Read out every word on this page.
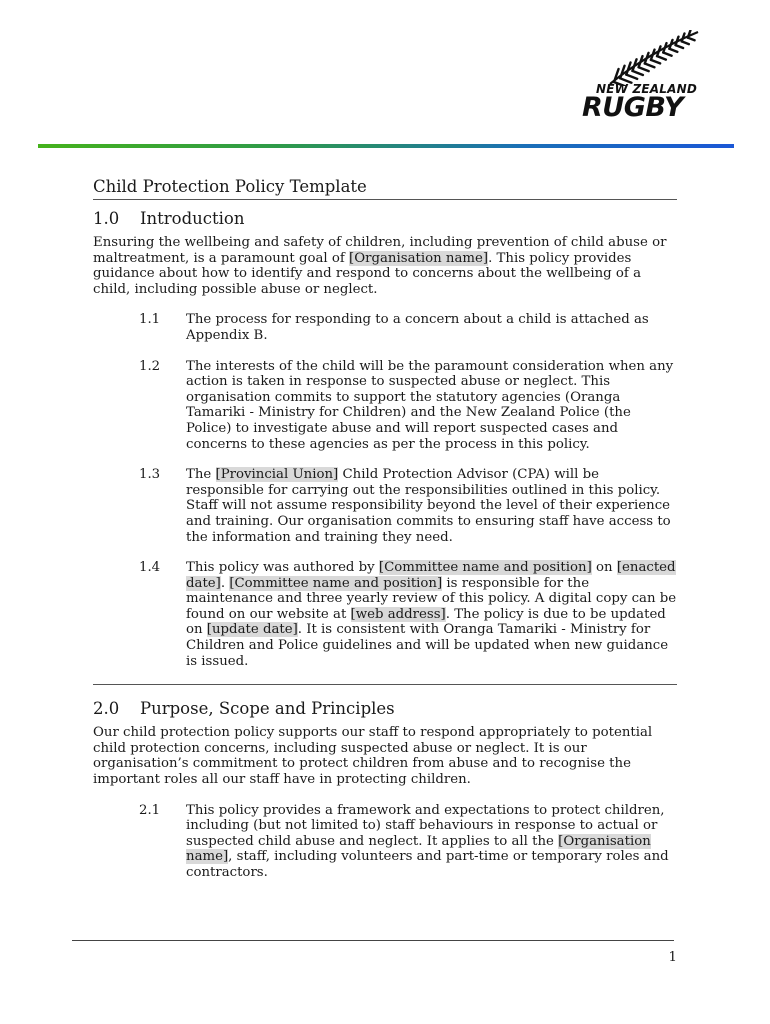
NEW ZEALAND
RUGBY
Child Protection Policy Template
1.0 Introduction

Ensuring the wellbeing and safety of children, including prevention of child abuse or maltreatment, is a paramount goal of [Organisation name]. This policy provides guidance about how to identify and respond to concerns about the wellbeing of a child, including possible abuse or neglect.

1.1	The process for responding to a concern about a child is attached as Appendix B.
1.2	The interests of the child will be the paramount consideration when any action is taken in response to suspected abuse or neglect. This organisation commits to support the statutory agencies (Oranga Tamariki - Ministry for Children) and the New Zealand Police (the Police) to investigate abuse and will report suspected cases and concerns to these agencies as per the process in this policy.
1.3	The [Provincial Union] Child Protection Advisor (CPA) will be responsible for carrying out the responsibilities outlined in this policy. Staff will not assume responsibility beyond the level of their experience and training. Our organisation commits to ensuring staff have access to the information and training they need.
1.4	This policy was authored by [Committee name and position] on [enacted date]. [Committee name and position] is responsible for the maintenance and three yearly review of this policy. A digital copy can be found on our website at [web address]. The policy is due to be updated on [update date]. It is consistent with Oranga Tamariki - Ministry for Children and Police guidelines and will be updated when new guidance is issued.
2.0 Purpose, Scope and Principles

Our child protection policy supports our staff to respond appropriately to potential child protection concerns, including suspected abuse or neglect. It is our organisation’s commitment to protect children from abuse and to recognise the important roles all our staff have in protecting children.

2.1	This policy provides a framework and expectations to protect children, including (but not limited to) staff behaviours in response to actual or suspected child abuse and neglect. It applies to all the [Organisation name], staff, including volunteers and part-time or temporary roles and contractors.
1
